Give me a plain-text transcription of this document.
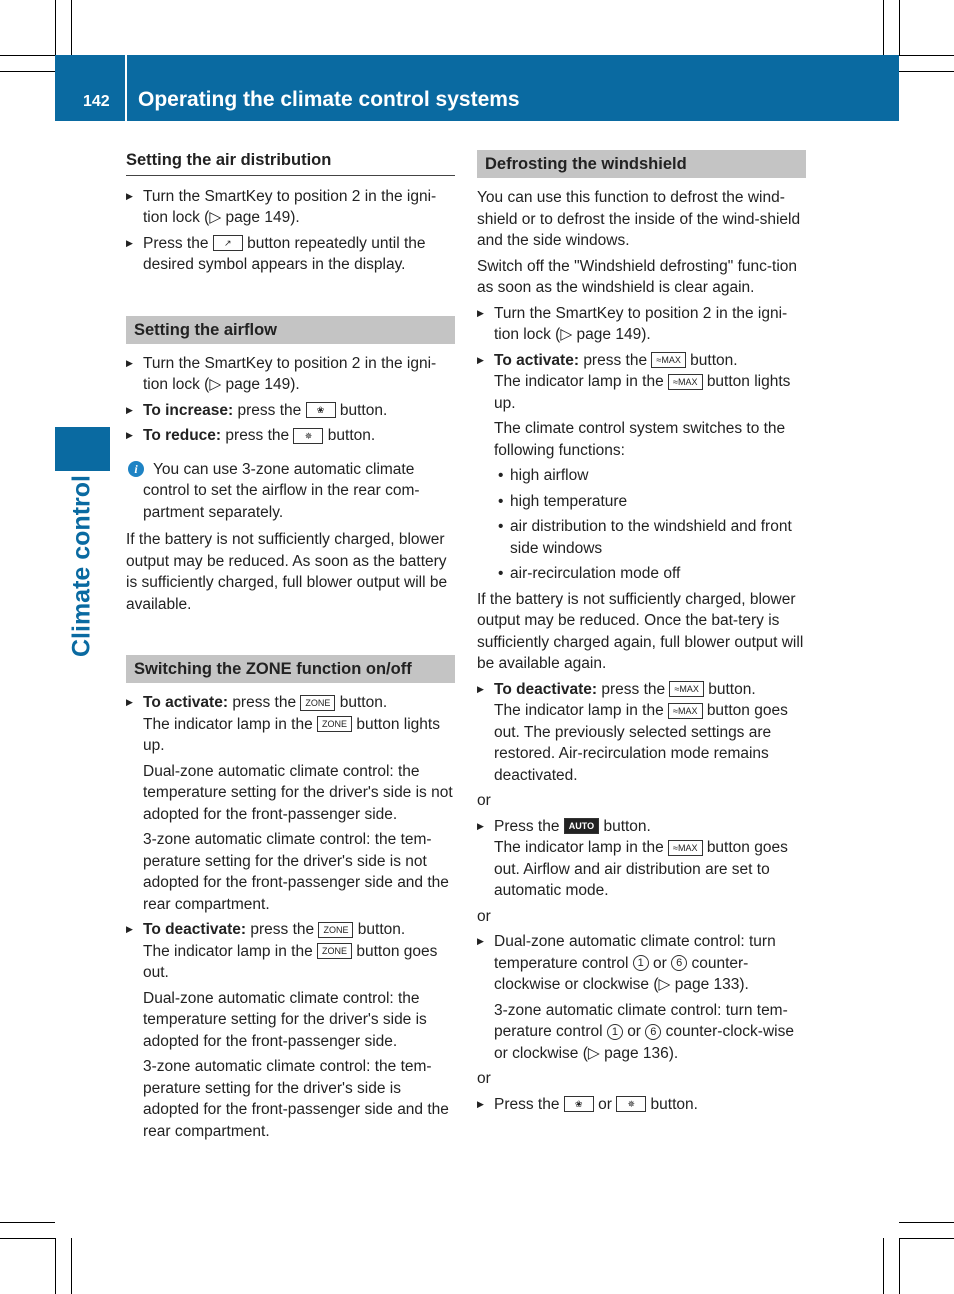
142 Operating the climate control systems
Climate control
Setting the air distribution
▶ Turn the SmartKey to position 2 in the igni-tion lock (▷ page 149).
▶ Press the ↗ button repeatedly until the desired symbol appears in the display.
Setting the airflow
▶ Turn the SmartKey to position 2 in the igni-tion lock (▷ page 149).
▶ To increase: press the ❀ button.
▶ To reduce: press the ✵ button.
i You can use 3-zone automatic climate control to set the airflow in the rear com-partment separately.

If the battery is not sufficiently charged, blower output may be reduced. As soon as the battery is sufficiently charged, full blower output will be available.

Switching the ZONE function on/off
▶ To activate: press the ZONE button.
The indicator lamp in the ZONE button lights up.
Dual-zone automatic climate control: the temperature setting for the driver's side is not adopted for the front-passenger side.
3-zone automatic climate control: the tem-perature setting for the driver's side is not adopted for the front-passenger side and the rear compartment.
▶ To deactivate: press the ZONE button.
The indicator lamp in the ZONE button goes out.
Dual-zone automatic climate control: the temperature setting for the driver's side is adopted for the front-passenger side.
3-zone automatic climate control: the tem-perature setting for the driver's side is adopted for the front-passenger side and the rear compartment.
Defrosting the windshield

You can use this function to defrost the wind-shield or to defrost the inside of the wind-shield and the side windows.

Switch off the "Windshield defrosting" func-tion as soon as the windshield is clear again.

▶ Turn the SmartKey to position 2 in the igni-tion lock (▷ page 149).
▶ To activate: press the ≈MAX button.
The indicator lamp in the ≈MAX button lights up.
The climate control system switches to the following functions:
• high airflow
• high temperature
• air distribution to the windshield and front side windows
• air-recirculation mode off

If the battery is not sufficiently charged, blower output may be reduced. Once the bat-tery is sufficiently charged again, full blower output will be available again.

▶ To deactivate: press the ≈MAX button.
The indicator lamp in the ≈MAX button goes out. The previously selected settings are restored. Air-recirculation mode remains deactivated.

or

▶ Press the AUTO button.
The indicator lamp in the ≈MAX button goes out. Airflow and air distribution are set to automatic mode.

or

▶ Dual-zone automatic climate control: turn temperature control 1 or 6 counter-clockwise or clockwise (▷ page 133).
3-zone automatic climate control: turn tem-perature control 1 or 6 counter-clock-wise or clockwise (▷ page 136).

or

▶ Press the ❀ or ✵ button.
